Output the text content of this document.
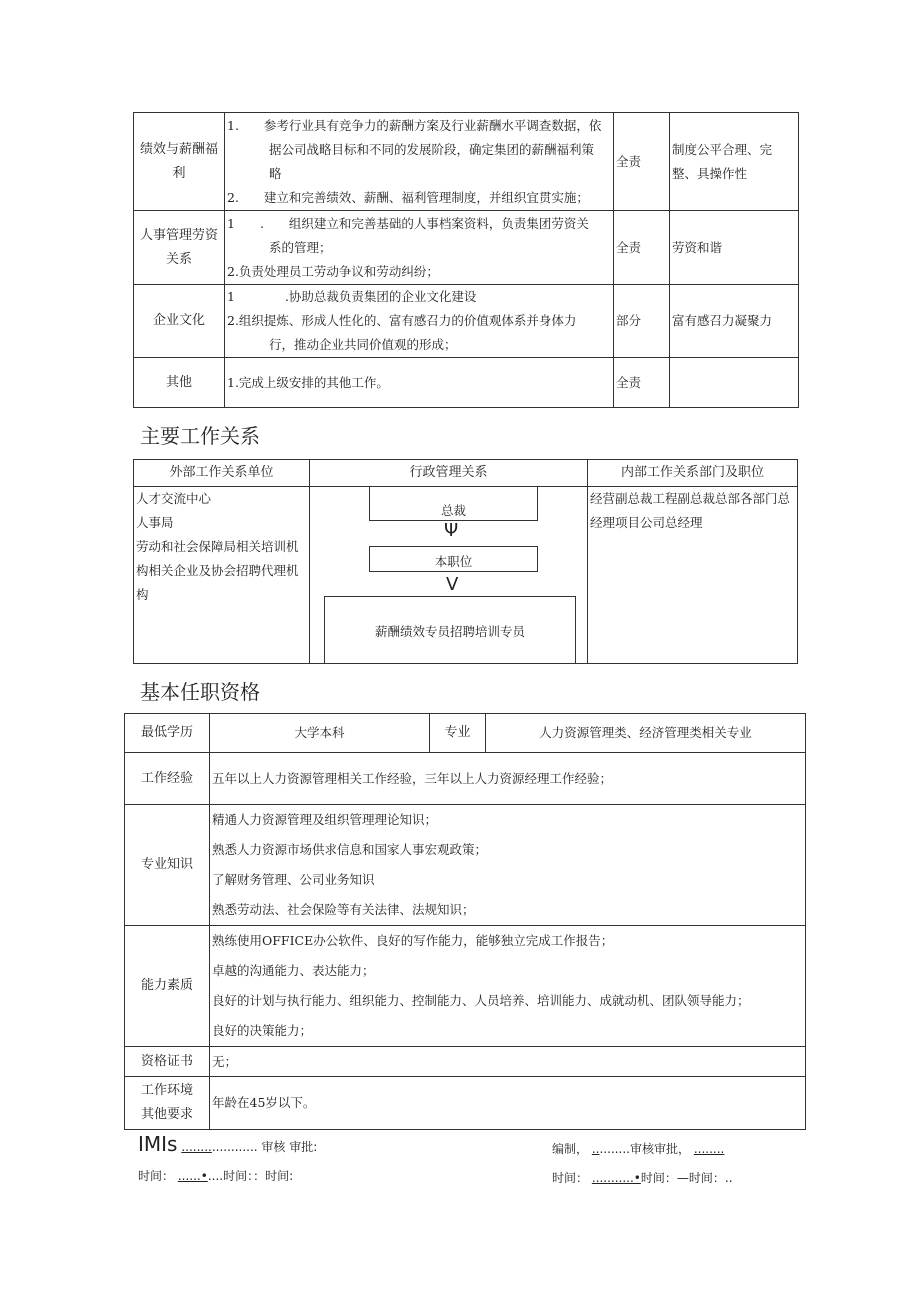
绩效与薪酬福利	1.　　参考行业具有竞争力的薪酬方案及行业薪酬水平调查数据，依
据公司战略目标和不同的发展阶段，确定集团的薪酬福利策
略
2.　　建立和完善绩效、薪酬、福利管理制度，并组织宜贯实施；	全责	制度公平合理、完整、具操作性
人事管理劳资关系	1　　.　　组织建立和完善基础的人事档案资料，负责集团劳资关
系的管理；
2.负责处理员工劳动争议和劳动纠纷；	全责	劳资和谐
企业文化	1　　　　.协助总裁负责集团的企业文化建设
2.组织提炼、形成人性化的、富有感召力的价值观体系并身体力
行，推动企业共同价值观的形成；	部分	富有感召力凝聚力
其他	1.完成上级安排的其他工作。	全责	
主要工作关系
外部工作关系单位	行政管理关系	内部工作关系部门及职位

人才交流中心
人事局
劳动和社会保障局相关培训机构相关企业及协会招聘代理机构		经营副总裁工程副总裁总部各部门总经理项目公司总经理
总裁
Ψ
本职位
V
薪酬绩效专员招聘培训专员
基本任职资格
最低学历	大学本科	专业	人力资源管理类、经济管理类相关专业
工作经验	五年以上人力资源管理相关工作经验，三年以上人力资源经理工作经验；		
专业知识	精通人力资源管理及组织管理理论知识；
熟悉人力资源市场供求信息和国家人事宏观政策；
了解财务管理、公司业务知识
熟悉劳动法、社会保险等有关法律、法规知识；		

能力素质	熟练使用OFFICE办公软件、良好的写作能力，能够独立完成工作报告；
卓越的沟通能力、表达能力；
良好的计划与执行能力、组织能力、控制能力、人员培养、培训能力、成就动机、团队领导能力；
良好的决策能力；		

资格证书	无；		

工作环境
其他要求	年龄在45岁以下。		
IMIs .................... 审核 审批:
时间： ......•....时间：：时间:
编制， ..........审核审批， ........
时间： ...........•时间：—时间：..
